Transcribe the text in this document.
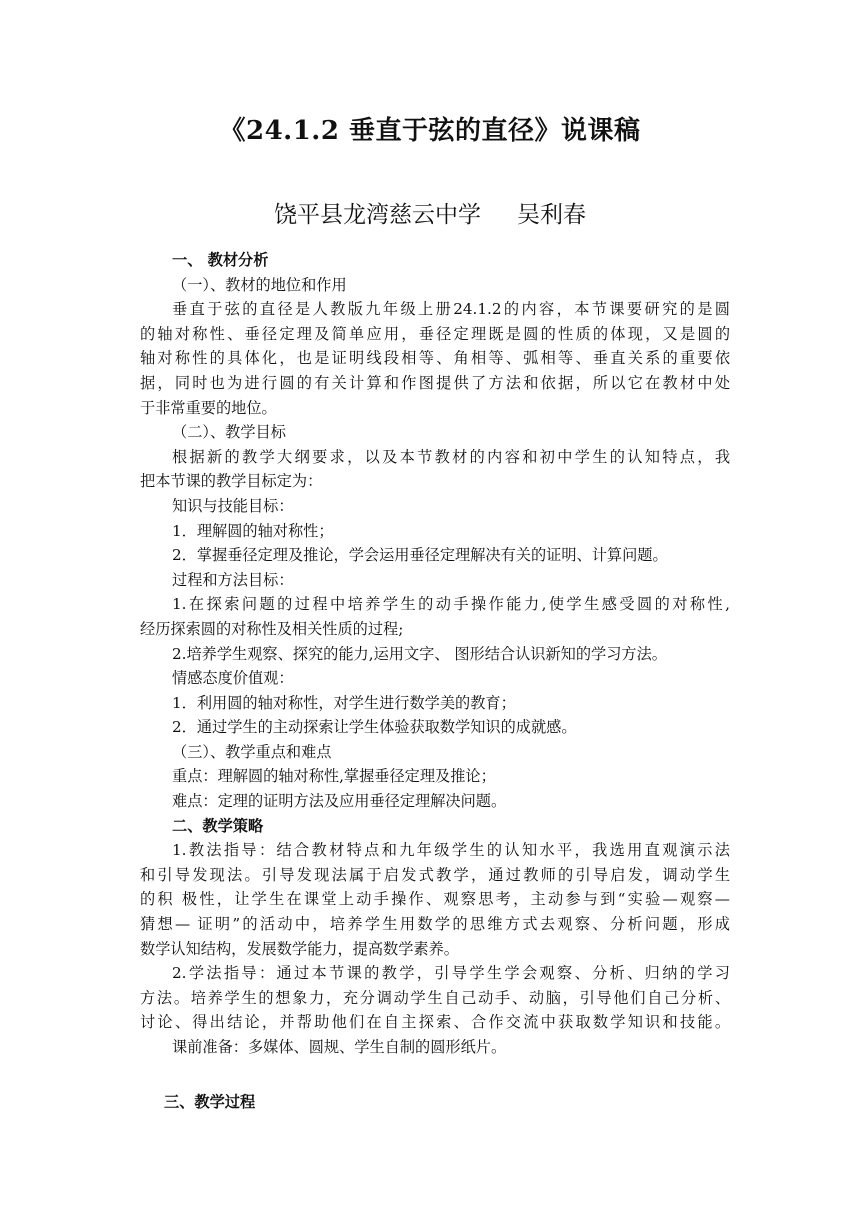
《24.1.2 垂直于弦的直径》说课稿
饶平县龙湾慈云中学 吴利春
一、 教材分析
（一）、教材的地位和作用
垂直于弦的直径是人教版九年级上册24.1.2的内容，本节课要研究的是圆
的轴对称性、垂径定理及简单应用，垂径定理既是圆的性质的体现，又是圆的
轴对称性的具体化，也是证明线段相等、角相等、弧相等、垂直关系的重要依
据，同时也为进行圆的有关计算和作图提供了方法和依据，所以它在教材中处
于非常重要的地位。
（二）、教学目标
根据新的教学大纲要求，以及本节教材的内容和初中学生的认知特点，我
把本节课的教学目标定为：
知识与技能目标：
1．理解圆的轴对称性；
2．掌握垂径定理及推论，学会运用垂径定理解决有关的证明、计算问题。
过程和方法目标：
1.在探索问题的过程中培养学生的动手操作能力,使学生感受圆的对称性,
经历探索圆的对称性及相关性质的过程;
2.培养学生观察、探究的能力,运用文字、 图形结合认识新知的学习方法。
情感态度价值观：
1．利用圆的轴对称性，对学生进行数学美的教育；
2．通过学生的主动探索让学生体验获取数学知识的成就感。
（三）、教学重点和难点
重点：理解圆的轴对称性,掌握垂径定理及推论；
难点：定理的证明方法及应用垂径定理解决问题。
二、教学策略
1.教法指导：结合教材特点和九年级学生的认知水平，我选用直观演示法
和引导发现法。引导发现法属于启发式教学，通过教师的引导启发，调动学生
的积 极性，让学生在课堂上动手操作、观察思考，主动参与到“实验—观察—
猜想— 证明”的活动中，培养学生用数学的思维方式去观察、分析问题，形成
数学认知结构，发展数学能力，提高数学素养。
2.学法指导：通过本节课的教学，引导学生学会观察、分析、归纳的学习
方法。培养学生的想象力，充分调动学生自己动手、动脑，引导他们自己分析、
讨论、得出结论，并帮助他们在自主探索、合作交流中获取数学知识和技能。
课前准备：多媒体、圆规、学生自制的圆形纸片。
三、教学过程
